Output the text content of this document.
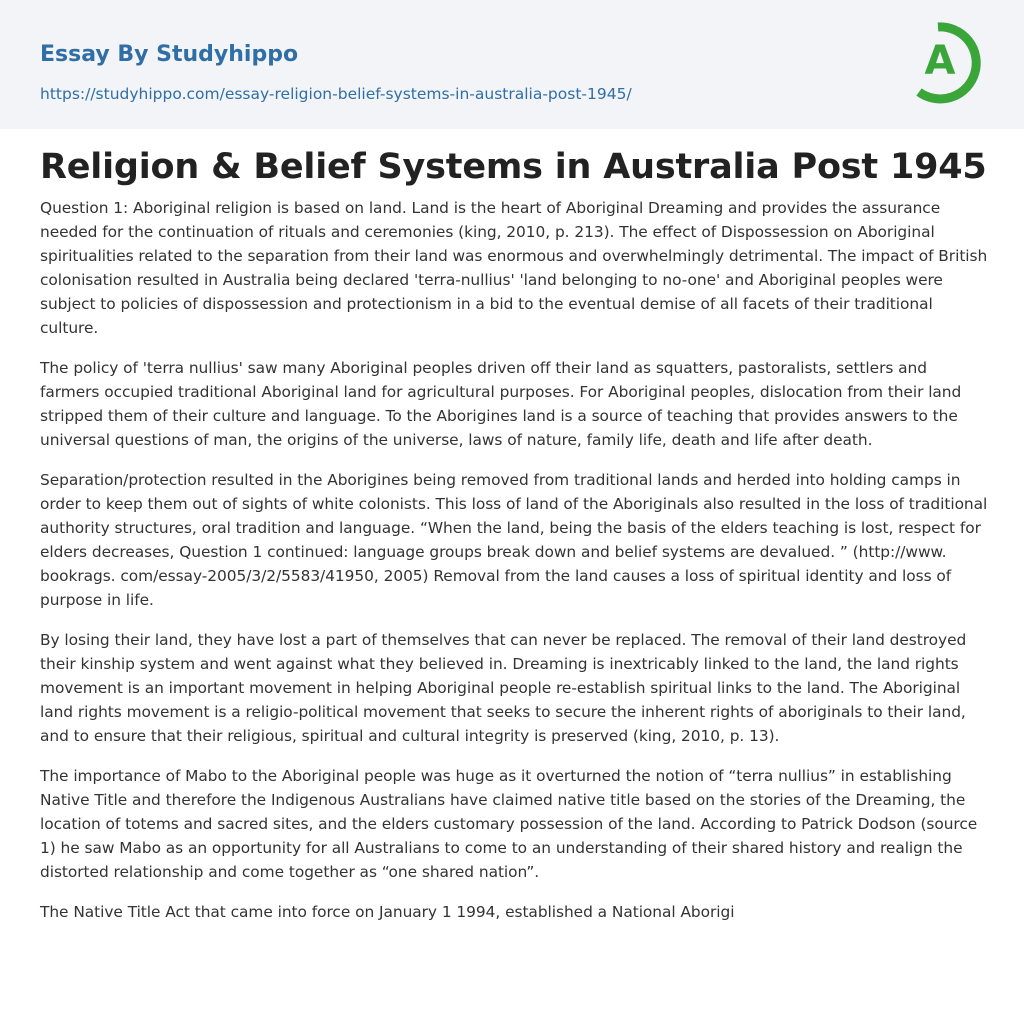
Essay By Studyhippo
https://studyhippo.com/essay-religion-belief-systems-in-australia-post-1945/
A
Religion & Belief Systems in Australia Post 1945

Question 1: Aboriginal religion is based on land. Land is the heart of Aboriginal Dreaming and provides the assurance needed for the continuation of rituals and ceremonies (king, 2010, p. 213). The effect of Dispossession on Aboriginal spiritualities related to the separation from their land was enormous and overwhelmingly detrimental. The impact of British colonisation resulted in Australia being declared 'terra-nullius' 'land belonging to no-one' and Aboriginal peoples were subject to policies of dispossession and protectionism in a bid to the eventual demise of all facets of their traditional culture.

The policy of 'terra nullius' saw many Aboriginal peoples driven off their land as squatters, pastoralists, settlers and farmers occupied traditional Aboriginal land for agricultural purposes. For Aboriginal peoples, dislocation from their land stripped them of their culture and language. To the Aborigines land is a source of teaching that provides answers to the universal questions of man, the origins of the universe, laws of nature, family life, death and life after death.

Separation/protection resulted in the Aborigines being removed from traditional lands and herded into holding camps in order to keep them out of sights of white colonists. This loss of land of the Aboriginals also resulted in the loss of traditional authority structures, oral tradition and language. “When the land, being the basis of the elders teaching is lost, respect for elders decreases, Question 1 continued: language groups break down and belief systems are devalued. ” (http://www. bookrags. com/essay-2005/3/2/5583/41950, 2005) Removal from the land causes a loss of spiritual identity and loss of purpose in life.

By losing their land, they have lost a part of themselves that can never be replaced. The removal of their land destroyed their kinship system and went against what they believed in. Dreaming is inextricably linked to the land, the land rights movement is an important movement in helping Aboriginal people re-establish spiritual links to the land. The Aboriginal land rights movement is a religio-political movement that seeks to secure the inherent rights of aboriginals to their land, and to ensure that their religious, spiritual and cultural integrity is preserved (king, 2010, p. 13).

The importance of Mabo to the Aboriginal people was huge as it overturned the notion of “terra nullius” in establishing Native Title and therefore the Indigenous Australians have claimed native title based on the stories of the Dreaming, the location of totems and sacred sites, and the elders customary possession of the land. According to Patrick Dodson (source 1) he saw Mabo as an opportunity for all Australians to come to an understanding of their shared history and realign the distorted relationship and come together as “one shared nation”.

The Native Title Act that came into force on January 1 1994, established a National Aborigi
